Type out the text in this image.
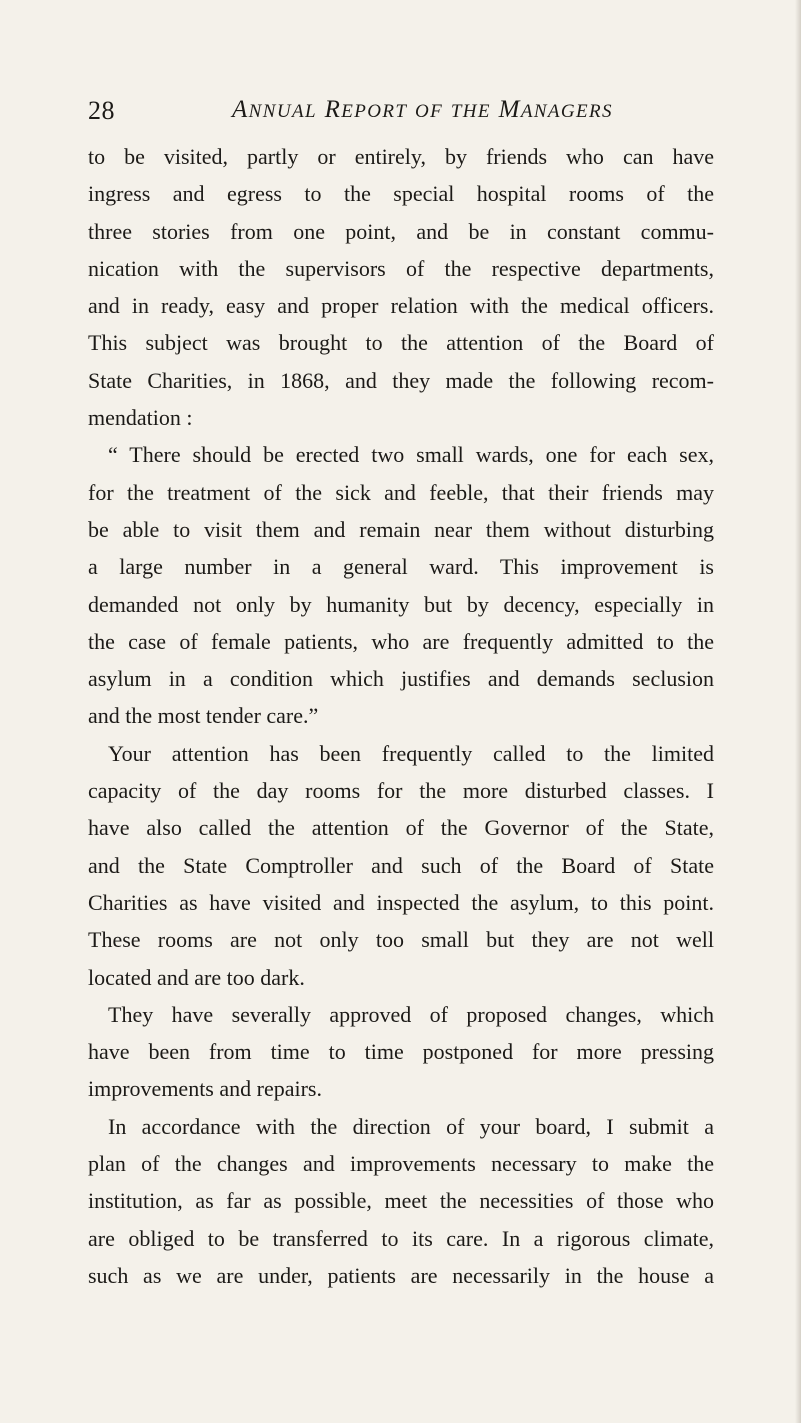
28	ANNUAL REPORT OF THE MANAGERS
to be visited, partly or entirely, by friends who can have
ingress and egress to the special hospital rooms of the
three stories from one point, and be in constant commu-
nication with the supervisors of the respective departments,
and in ready, easy and proper relation with the medical officers.
This subject was brought to the attention of the Board of
State Charities, in 1868, and they made the following recom-
mendation :
“ There should be erected two small wards, one for each sex,
for the treatment of the sick and feeble, that their friends may
be able to visit them and remain near them without disturbing
a large number in a general ward. This improvement is
demanded not only by humanity but by decency, especially in
the case of female patients, who are frequently admitted to the
asylum in a condition which justifies and demands seclusion
and the most tender care.”
Your attention has been frequently called to the limited
capacity of the day rooms for the more disturbed classes. I
have also called the attention of the Governor of the State,
and the State Comptroller and such of the Board of State
Charities as have visited and inspected the asylum, to this point.
These rooms are not only too small but they are not well
located and are too dark.
They have severally approved of proposed changes, which
have been from time to time postponed for more pressing
improvements and repairs.
In accordance with the direction of your board, I submit a
plan of the changes and improvements necessary to make the
institution, as far as possible, meet the necessities of those who
are obliged to be transferred to its care. In a rigorous climate,
such as we are under, patients are necessarily in the house a
